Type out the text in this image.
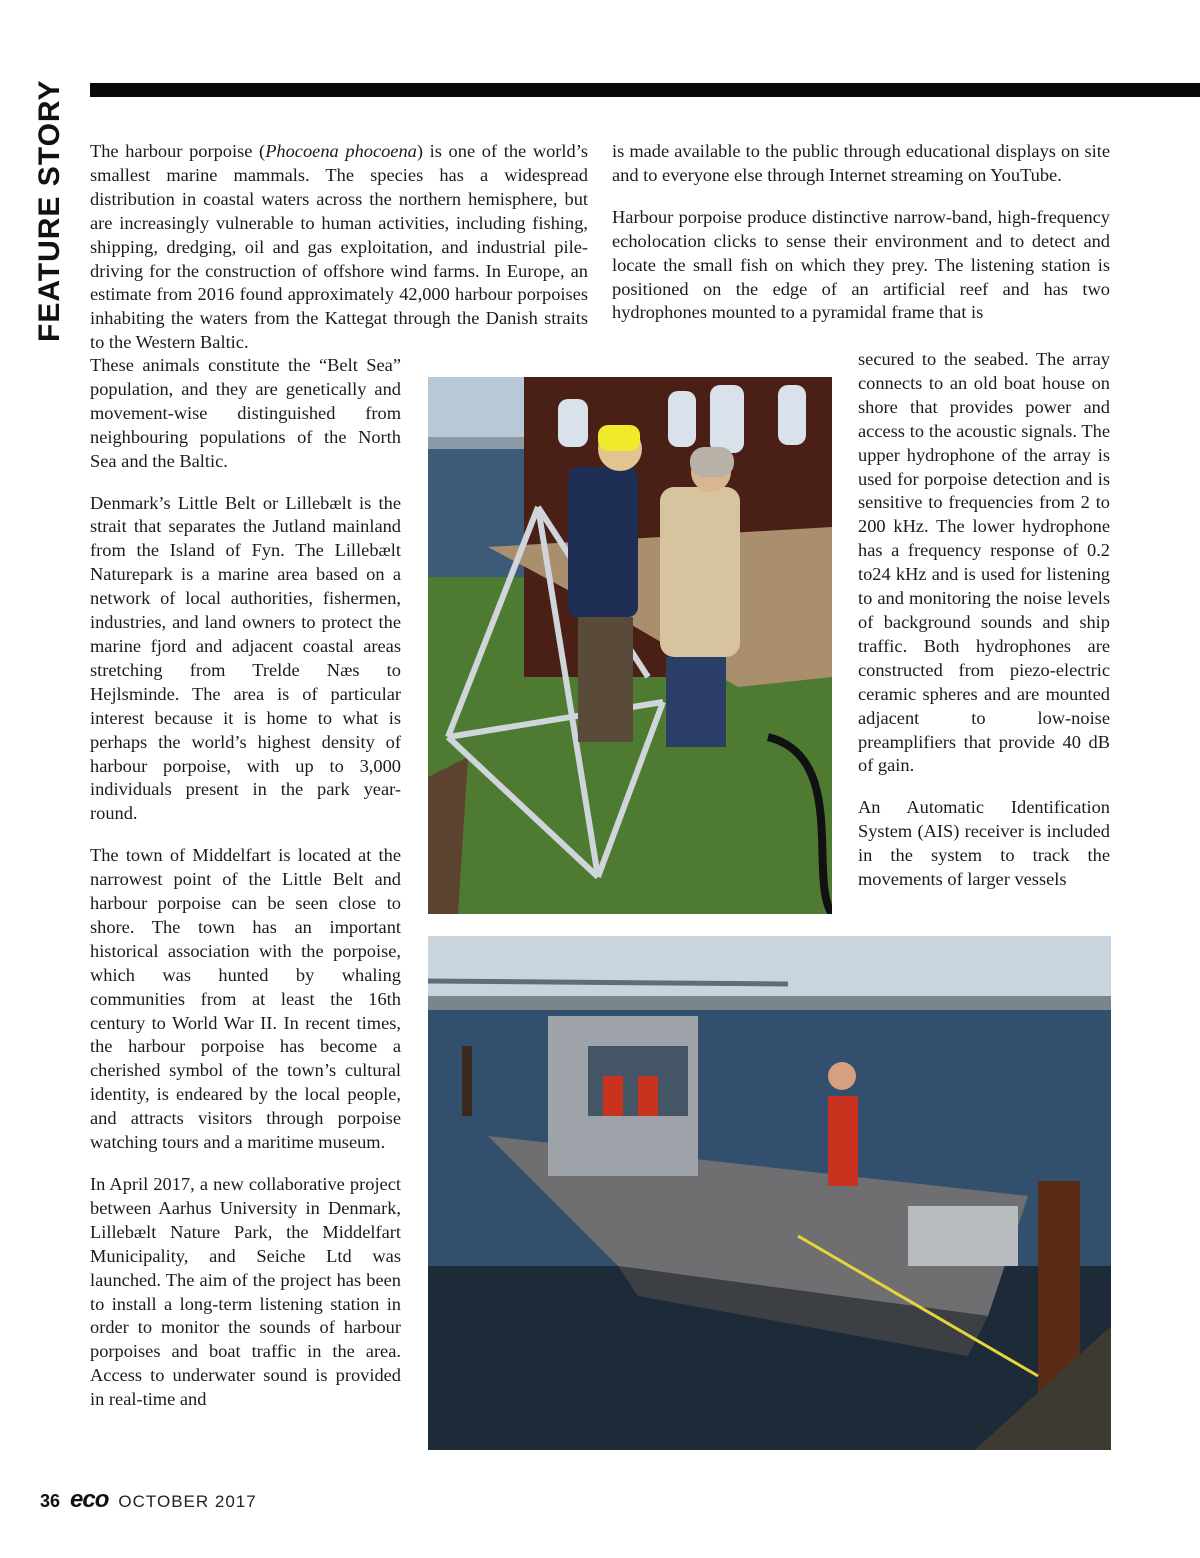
FEATURE STORY The harbour porpoise (Phocoena phocoena) is one of the world’s smallest marine mammals. The species has a widespread distribution in coastal waters across the northern hemisphere, but are increasingly vulnerable to human activities, including fishing, shipping, dredging, oil and gas exploitation, and industrial pile-driving for the construction of offshore wind farms. In Europe, an estimate from 2016 found approximately 42,000 harbour porpoises inhabiting the waters from the Kattegat through the Danish straits to the Western Baltic.

These animals constitute the “Belt Sea” population, and they are genetically and movement-wise distinguished from neighbouring populations of the North Sea and the Baltic.

Denmark’s Little Belt or Lillebælt is the strait that separates the Jutland mainland from the Island of Fyn. The Lillebælt Naturepark is a marine area based on a network of local authorities, fishermen, industries, and land owners to protect the marine fjord and adjacent coastal areas stretching from Trelde Næs to Hejlsminde. The area is of particular interest because it is home to what is perhaps the world’s highest density of harbour porpoise, with up to 3,000 individuals present in the park year-round.

The town of Middelfart is located at the narrowest point of the Little Belt and harbour porpoise can be seen close to shore. The town has an important historical association with the porpoise, which was hunted by whaling communities from at least the 16th century to World War II. In recent times, the harbour porpoise has become a cherished symbol of the town’s cultural identity, is endeared by the local people, and attracts visitors through porpoise watching tours and a maritime museum.

In April 2017, a new collaborative project between Aarhus University in Denmark, Lillebælt Nature Park, the Middelfart Municipality, and Seiche Ltd was launched. The aim of the project has been to install a long-term listening station in order to monitor the sounds of harbour porpoises and boat traffic in the area. Access to underwater sound is provided in real-time and

is made available to the public through educational displays on site and to everyone else through Internet streaming on YouTube.

Harbour porpoise produce distinctive narrow-band, high-frequency echolocation clicks to sense their environment and to detect and locate the small fish on which they prey. The listening station is positioned on the edge of an artificial reef and has two hydrophones mounted to a pyramidal frame that is

secured to the seabed. The array connects to an old boat house on shore that provides power and access to the acoustic signals. The upper hydrophone of the array is used for porpoise detection and is sensitive to frequencies from 2 to 200 kHz. The lower hydrophone has a frequency response of 0.2 to24 kHz and is used for listening to and monitoring the noise levels of background sounds and ship traffic. Both hydrophones are constructed from piezo-electric ceramic spheres and are mounted adjacent to low-noise preamplifiers that provide 40 dB of gain.

An Automatic Identification System (AIS) receiver is included in the system to track the movements of larger vessels

36 eco OCTOBER 2017
